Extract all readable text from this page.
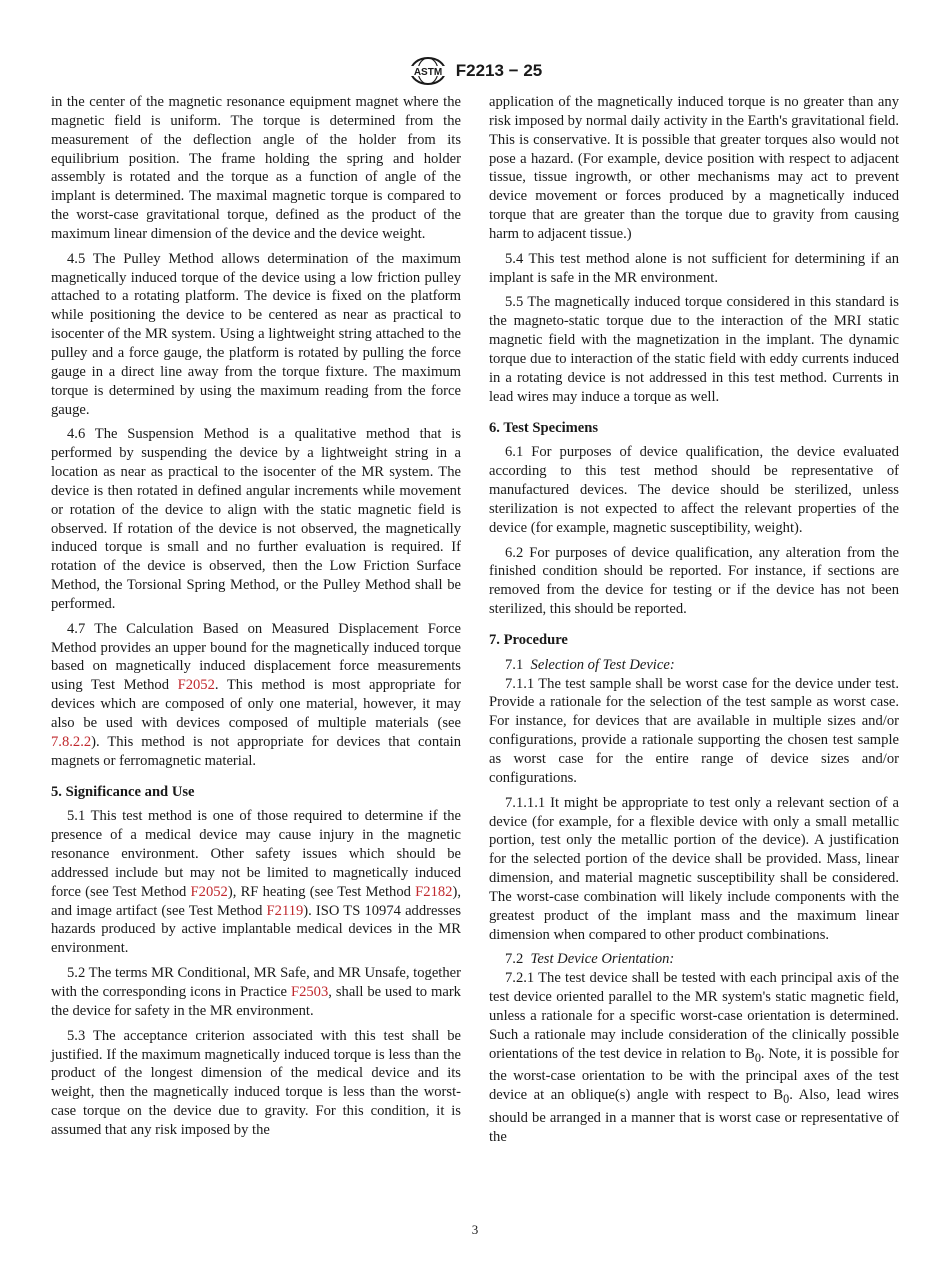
ASTM F2213 − 25

in the center of the magnetic resonance equipment magnet where the magnetic field is uniform. The torque is determined from the measurement of the deflection angle of the holder from its equilibrium position. The frame holding the spring and holder assembly is rotated and the torque as a function of angle of the implant is determined. The maximal magnetic torque is compared to the worst-case gravitational torque, defined as the product of the maximum linear dimension of the device and the device weight.

4.5 The Pulley Method allows determination of the maximum magnetically induced torque of the device using a low friction pulley attached to a rotating platform. The device is fixed on the platform while positioning the device to be centered as near as practical to isocenter of the MR system. Using a lightweight string attached to the pulley and a force gauge, the platform is rotated by pulling the force gauge in a direct line away from the torque fixture. The maximum torque is determined by using the maximum reading from the force gauge.

4.6 The Suspension Method is a qualitative method that is performed by suspending the device by a lightweight string in a location as near as practical to the isocenter of the MR system. The device is then rotated in defined angular increments while movement or rotation of the device to align with the static magnetic field is observed. If rotation of the device is not observed, the magnetically induced torque is small and no further evaluation is required. If rotation of the device is observed, then the Low Friction Surface Method, the Torsional Spring Method, or the Pulley Method shall be performed.

4.7 The Calculation Based on Measured Displacement Force Method provides an upper bound for the magnetically induced torque based on magnetically induced displacement force measurements using Test Method F2052. This method is most appropriate for devices which are composed of only one material, however, it may also be used with devices composed of multiple materials (see 7.8.2.2). This method is not appropriate for devices that contain magnets or ferromagnetic material.

5. Significance and Use

5.1 This test method is one of those required to determine if the presence of a medical device may cause injury in the magnetic resonance environment. Other safety issues which should be addressed include but may not be limited to magnetically induced force (see Test Method F2052), RF heating (see Test Method F2182), and image artifact (see Test Method F2119). ISO TS 10974 addresses hazards produced by active implantable medical devices in the MR environment.

5.2 The terms MR Conditional, MR Safe, and MR Unsafe, together with the corresponding icons in Practice F2503, shall be used to mark the device for safety in the MR environment.

5.3 The acceptance criterion associated with this test shall be justified. If the maximum magnetically induced torque is less than the product of the longest dimension of the medical device and its weight, then the magnetically induced torque is less than the worst-case torque on the device due to gravity. For this condition, it is assumed that any risk imposed by the

application of the magnetically induced torque is no greater than any risk imposed by normal daily activity in the Earth's gravitational field. This is conservative. It is possible that greater torques also would not pose a hazard. (For example, device position with respect to adjacent tissue, tissue ingrowth, or other mechanisms may act to prevent device movement or forces produced by a magnetically induced torque that are greater than the torque due to gravity from causing harm to adjacent tissue.)

5.4 This test method alone is not sufficient for determining if an implant is safe in the MR environment.

5.5 The magnetically induced torque considered in this standard is the magneto-static torque due to the interaction of the MRI static magnetic field with the magnetization in the implant. The dynamic torque due to interaction of the static field with eddy currents induced in a rotating device is not addressed in this test method. Currents in lead wires may induce a torque as well.

6. Test Specimens

6.1 For purposes of device qualification, the device evaluated according to this test method should be representative of manufactured devices. The device should be sterilized, unless sterilization is not expected to affect the relevant properties of the device (for example, magnetic susceptibility, weight).

6.2 For purposes of device qualification, any alteration from the finished condition should be reported. For instance, if sections are removed from the device for testing or if the device has not been sterilized, this should be reported.

7. Procedure

7.1 Selection of Test Device:

7.1.1 The test sample shall be worst case for the device under test. Provide a rationale for the selection of the test sample as worst case. For instance, for devices that are available in multiple sizes and/or configurations, provide a rationale supporting the chosen test sample as worst case for the entire range of device sizes and/or configurations.

7.1.1.1 It might be appropriate to test only a relevant section of a device (for example, for a flexible device with only a small metallic portion, test only the metallic portion of the device). A justification for the selected portion of the device shall be provided. Mass, linear dimension, and material magnetic susceptibility shall be considered. The worst-case combination will likely include components with the greatest product of the implant mass and the maximum linear dimension when compared to other product combinations.

7.2 Test Device Orientation:

7.2.1 The test device shall be tested with each principal axis of the test device oriented parallel to the MR system's static magnetic field, unless a rationale for a specific worst-case orientation is determined. Such a rationale may include consideration of the clinically possible orientations of the test device in relation to $B_0$. Note, it is possible for the worst-case orientation to be with the principal axes of the test device at an oblique(s) angle with respect to $B_0$. Also, lead wires should be arranged in a manner that is worst case or representative of the

3
